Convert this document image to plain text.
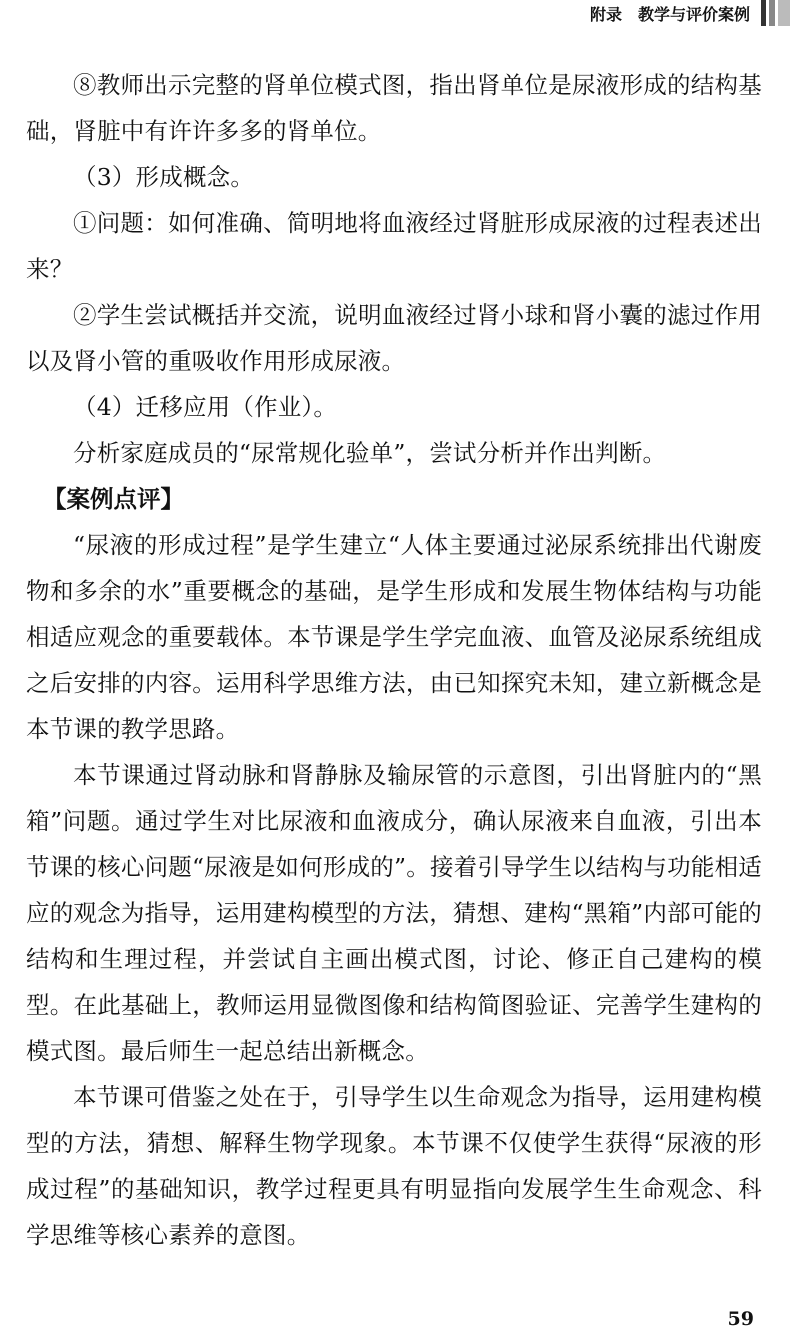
附录 教学与评价案例

⑧教师出示完整的肾单位模式图，指出肾单位是尿液形成的结构基础，肾脏中有许许多多的肾单位。

（3）形成概念。

①问题：如何准确、简明地将血液经过肾脏形成尿液的过程表述出来？

②学生尝试概括并交流，说明血液经过肾小球和肾小囊的滤过作用以及肾小管的重吸收作用形成尿液。

（4）迁移应用（作业）。

分析家庭成员的“尿常规化验单”，尝试分析并作出判断。

【案例点评】

“尿液的形成过程”是学生建立“人体主要通过泌尿系统排出代谢废物和多余的水”重要概念的基础，是学生形成和发展生物体结构与功能相适应观念的重要载体。本节课是学生学完血液、血管及泌尿系统组成之后安排的内容。运用科学思维方法，由已知探究未知，建立新概念是本节课的教学思路。

本节课通过肾动脉和肾静脉及输尿管的示意图，引出肾脏内的“黑箱”问题。通过学生对比尿液和血液成分，确认尿液来自血液，引出本节课的核心问题“尿液是如何形成的”。接着引导学生以结构与功能相适应的观念为指导，运用建构模型的方法，猜想、建构“黑箱”内部可能的结构和生理过程，并尝试自主画出模式图，讨论、修正自己建构的模型。在此基础上，教师运用显微图像和结构简图验证、完善学生建构的模式图。最后师生一起总结出新概念。

本节课可借鉴之处在于，引导学生以生命观念为指导，运用建构模型的方法，猜想、解释生物学现象。本节课不仅使学生获得“尿液的形成过程”的基础知识，教学过程更具有明显指向发展学生生命观念、科学思维等核心素养的意图。

59
